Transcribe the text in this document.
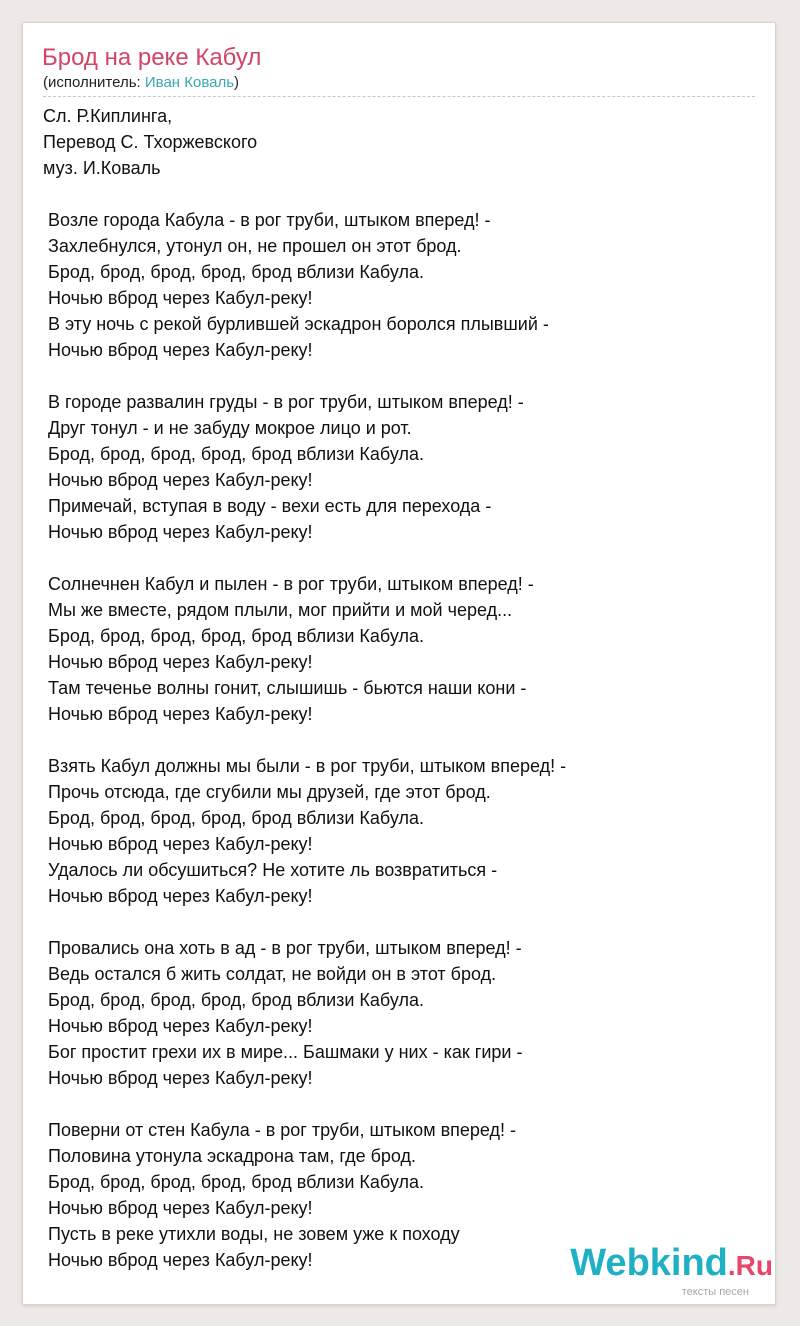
Брод на реке Кабул
(исполнитель: Иван Коваль)
Сл. Р.Киплинга,
Перевод С. Тхоржевского
муз. И.Коваль
Возле города Кабула - в рог труби, штыком вперед! -
Захлебнулся, утонул он, не прошел он этот брод.
Брод, брод, брод, брод, брод вблизи Кабула.
Ночью вброд через Кабул-реку!
В эту ночь с рекой бурлившей эскадрон боролся плывший -
Ночью вброд через Кабул-реку!
В городе развалин груды - в рог труби, штыком вперед! -
Друг тонул - и не забуду мокрое лицо и рот.
Брод, брод, брод, брод, брод вблизи Кабула.
Ночью вброд через Кабул-реку!
Примечай, вступая в воду - вехи есть для перехода -
Ночью вброд через Кабул-реку!
Солнечнен Кабул и пылен - в рог труби, штыком вперед! -
Мы же вместе, рядом плыли, мог прийти и мой черед...
Брод, брод, брод, брод, брод вблизи Кабула.
Ночью вброд через Кабул-реку!
Там теченье волны гонит, слышишь - бьются наши кони -
Ночью вброд через Кабул-реку!
Взять Кабул должны мы были - в рог труби, штыком вперед! -
Прочь отсюда, где сгубили мы друзей, где этот брод.
Брод, брод, брод, брод, брод вблизи Кабула.
Ночью вброд через Кабул-реку!
Удалось ли обсушиться? Не хотите ль возвратиться -
Ночью вброд через Кабул-реку!
Провались она хоть в ад - в рог труби, штыком вперед! -
Ведь остался б жить солдат, не войди он в этот брод.
Брод, брод, брод, брод, брод вблизи Кабула.
Ночью вброд через Кабул-реку!
Бог простит грехи их в мире... Башмаки у них - как гири -
Ночью вброд через Кабул-реку!
Поверни от стен Кабула - в рог труби, штыком вперед! -
Половина утонула эскадрона там, где брод.
Брод, брод, брод, брод, брод вблизи Кабула.
Ночью вброд через Кабул-реку!
Пусть в реке утихли воды, не зовем уже к походу
Ночью вброд через Кабул-реку!	Webkind.Ru
тексты песен
